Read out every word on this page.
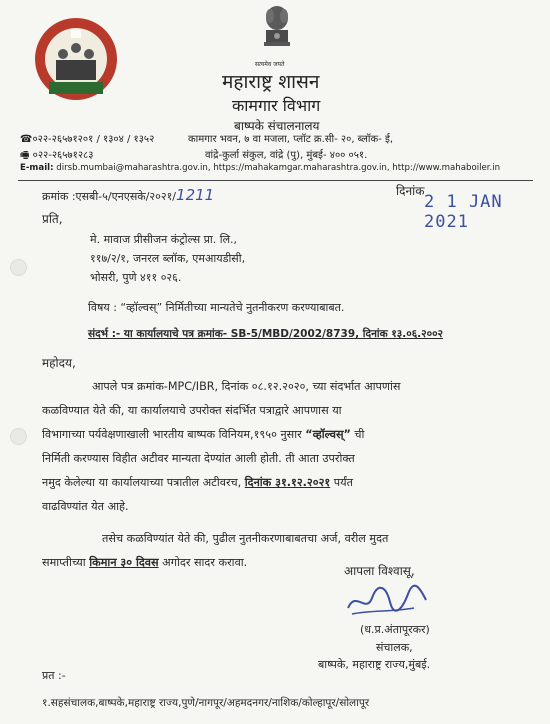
सत्यमेव जयते
महाराष्ट्र शासन
कामगार विभाग
बाष्पके संचालनालय
☎०२२-२६५७१२०१ / १३०४ / १३५२	कामगार भवन, ७ वा मजला, प्लॉट क्र.सी- २०, ब्लॉक- ई,
🖷 ०२२-२६५७१२८३	वांद्रे-कुर्ला संकुल, वांद्रे (पु), मुंबई- ४०० ०५१.
E-mail: dirsb.mumbai@maharashtra.gov.in, https://mahakamgar.maharashtra.gov.in, http://www.mahaboiler.in
क्रमांक :एसबी-५/एनएसके/२०२१/1211	दिनांक
2 1 JAN 2021
प्रति,
मे. मावाज प्रीसीजन कंट्रोल्स प्रा. लि.,
११७/२/१, जनरल ब्लॉक, एमआयडीसी,
भोसरी, पुणे ४११ ०२६.
विषय : “व्हॉल्वस्” निर्मितीच्या मान्यतेचे नुतनीकरण करण्याबाबत.
संदर्भ :- या कार्यालयाचे पत्र क्रमांक- SB-5/MBD/2002/8739, दिनांक १३.०६.२००२
महोदय,
आपले पत्र क्रमांक-MPC/IBR, दिनांक ०८.१२.२०२०, च्या संदर्भात आपणांस
कळविण्यात येते की, या कार्यालयाचे उपरोक्त संदर्भित पत्राद्वारे आपणास या
विभागाच्या पर्यवेक्षणाखाली भारतीय बाष्पक विनियम,१९५० नुसार “व्हॉल्वस्” ची
निर्मिती करण्यास विहीत अटीवर मान्यता देण्यांत आली होती. ती आता उपरोक्त
नमुद केलेल्या या कार्यालयाच्या पत्रातील अटीवरच, दिनांक ३१.१२.२०२१ पर्यंत
वाढविण्यांत येत आहे.
तसेच कळविण्यांत येते की, पुढील नुतनीकरणाबाबतचा अर्ज, वरील मुदत
समाप्तीच्या किमान ३० दिवस अगोदर सादर करावा.
आपला विश्वासू,
(ध.प्र.अंतापूरकर)
संचालक,
बाष्पके, महाराष्ट्र राज्य,मुंबई.
प्रत :-
१.सहसंचालक,बाष्पके,महाराष्ट्र राज्य,पुणे/नागपूर/अहमदनगर/नाशिक/कोल्हापूर/सोलापूर
